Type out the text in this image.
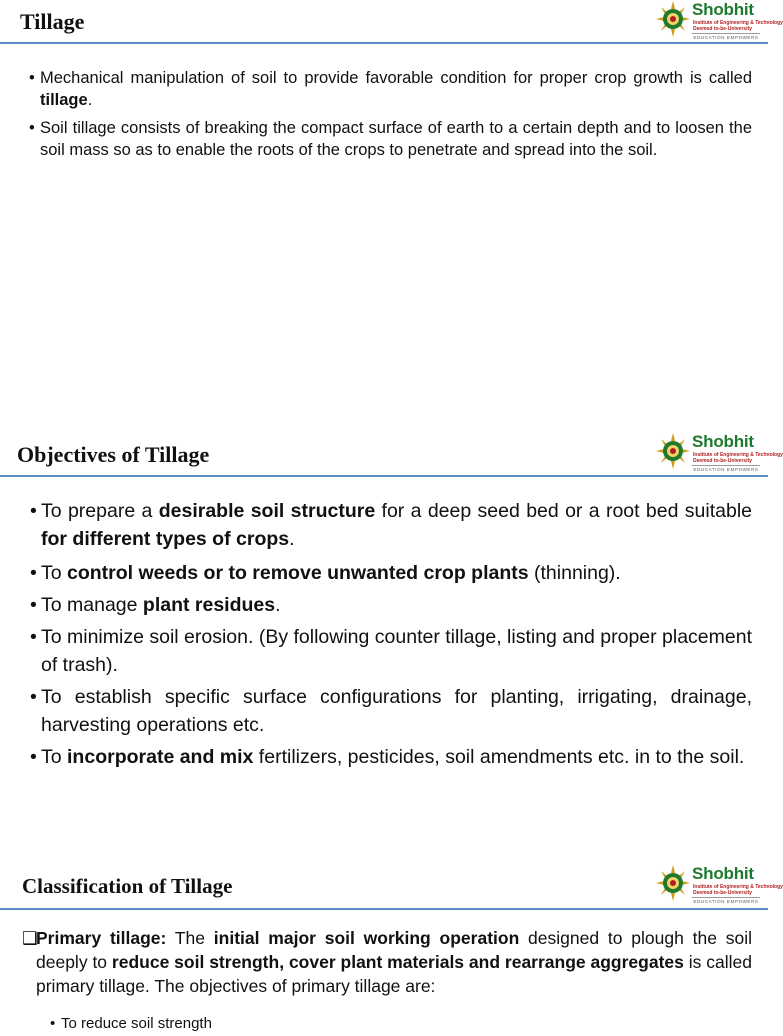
Tillage	Shobhit
Institute of Engineering & Technology
Deemed to-be-University
EDUCATION EMPOWERS
• Mechanical manipulation of soil to provide favorable condition for proper crop growth is called tillage.
• Soil tillage consists of breaking the compact surface of earth to a certain depth and to loosen the soil mass so as to enable the roots of the crops to penetrate and spread into the soil.
Objectives of Tillage
Shobhit
Institute of Engineering & Technology
Deemed to-be-University
EDUCATION EMPOWERS
• To prepare a desirable soil structure for a deep seed bed or a root bed suitable for different types of crops.
• To control weeds or to remove unwanted crop plants (thinning).
• To manage plant residues.
• To minimize soil erosion. (By following counter tillage, listing and proper placement of trash).
• To establish specific surface configurations for planting, irrigating, drainage, harvesting operations etc.
• To incorporate and mix fertilizers, pesticides, soil amendments etc. in to the soil.
Classification of Tillage
Shobhit
Institute of Engineering & Technology
Deemed to-be-University
EDUCATION EMPOWERS
❑
Primary tillage: The initial major soil working operation designed to plough the soil deeply to reduce soil strength, cover plant materials and rearrange aggregates is called primary tillage. The objectives of primary tillage are:
• To reduce soil strength
